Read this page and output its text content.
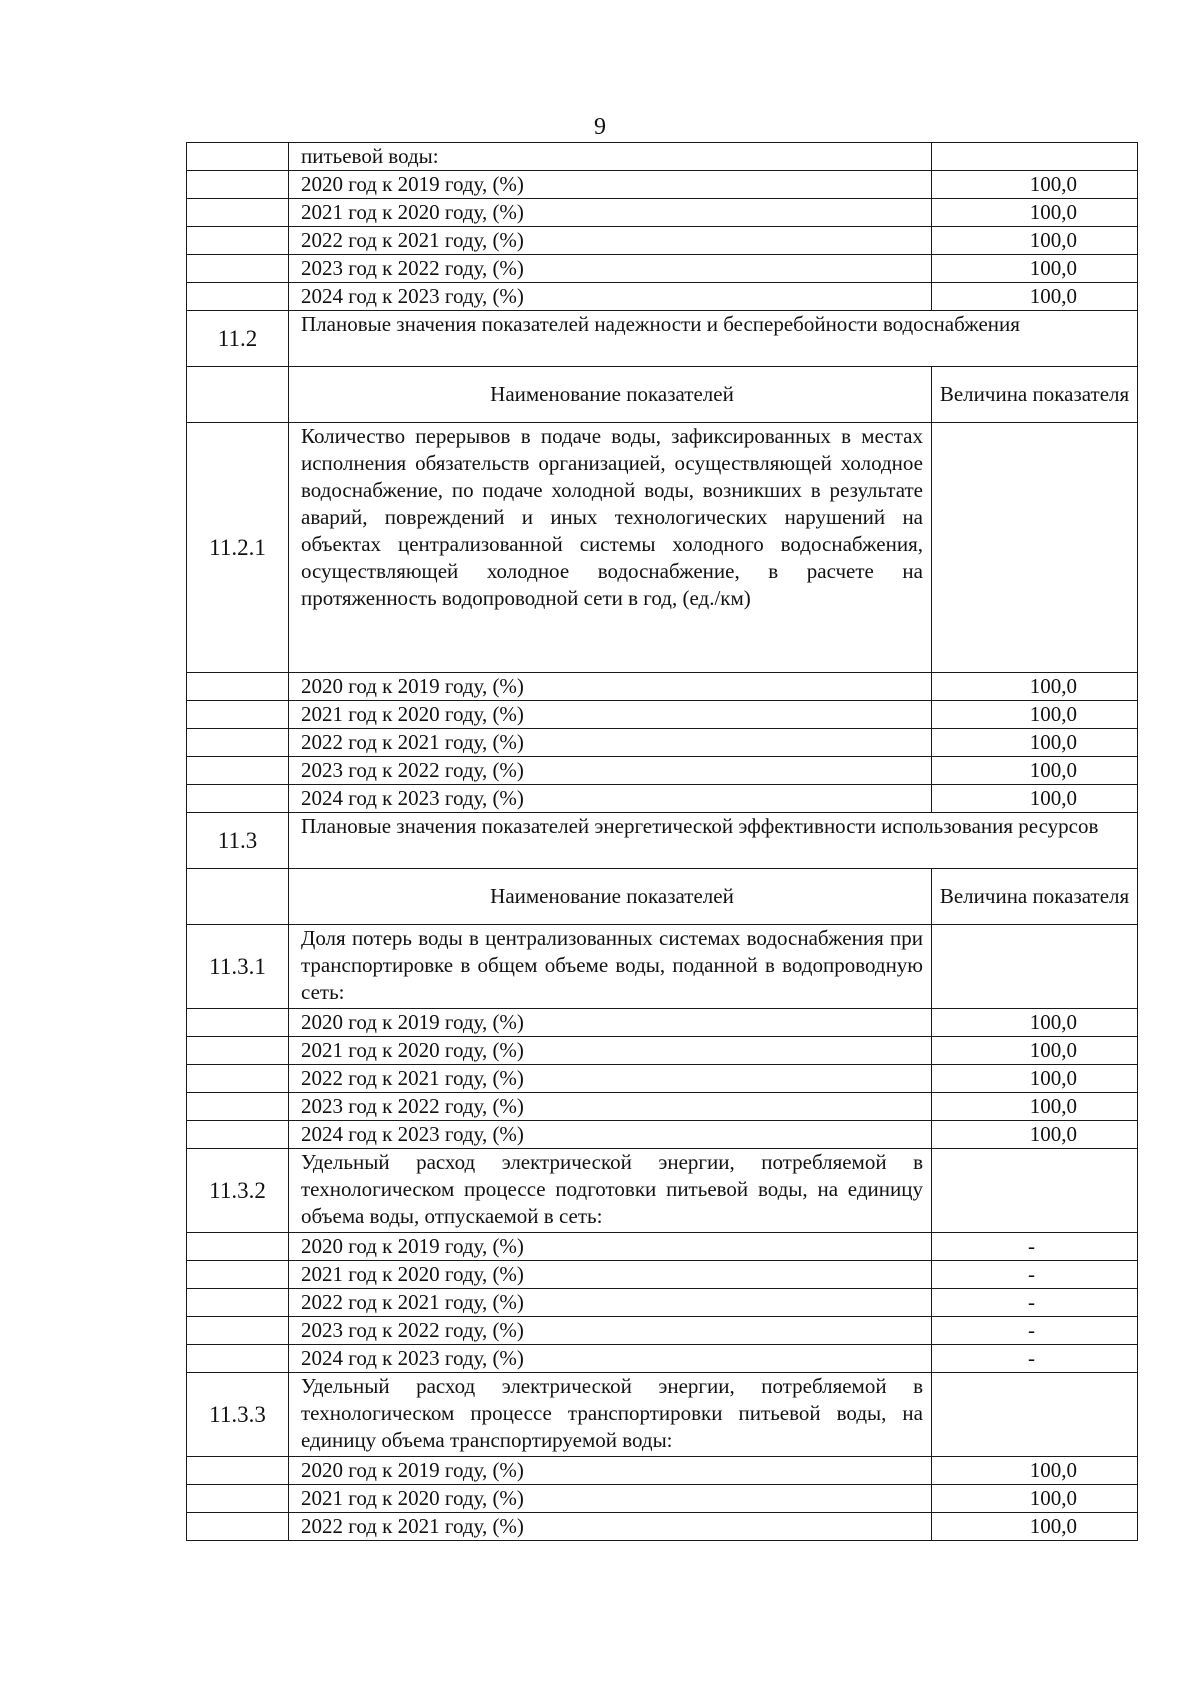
9
	питьевой воды:	
	2020 год к 2019 году, (%)	100,0
	2021 год к 2020 году, (%)	100,0
	2022 год к 2021 году, (%)	100,0
	2023 год к 2022 году, (%)	100,0
	2024 год к 2023 году, (%)	100,0
11.2	Плановые значения показателей надежности и бесперебойности водоснабжения	
	Наименование показателей	Величина показателя
11.2.1	Количество перерывов в подаче воды, зафиксированных в местах исполнения обязательств организацией, осуществляющей холодное водоснабжение, по подаче холодной воды, возникших в результате аварий, повреждений и иных технологических нарушений на объектах централизованной системы холодного водоснабжения, осуществляющей холодное водоснабжение, в расчете на протяженность водопроводной сети в год, (ед./км)	
	2020 год к 2019 году, (%)	100,0
	2021 год к 2020 году, (%)	100,0
	2022 год к 2021 году, (%)	100,0
	2023 год к 2022 году, (%)	100,0
	2024 год к 2023 году, (%)	100,0
11.3	Плановые значения показателей энергетической эффективности использования ресурсов	
	Наименование показателей	Величина показателя
11.3.1	Доля потерь воды в централизованных системах водоснабжения при транспортировке в общем объеме воды, поданной в водопроводную сеть:	
	2020 год к 2019 году, (%)	100,0
	2021 год к 2020 году, (%)	100,0
	2022 год к 2021 году, (%)	100,0
	2023 год к 2022 году, (%)	100,0
	2024 год к 2023 году, (%)	100,0
11.3.2	Удельный расход электрической энергии, потребляемой в технологическом процессе подготовки питьевой воды, на единицу объема воды, отпускаемой в сеть:	
	2020 год к 2019 году, (%)	-
	2021 год к 2020 году, (%)	-
	2022 год к 2021 году, (%)	-
	2023 год к 2022 году, (%)	-
	2024 год к 2023 году, (%)	-
11.3.3	Удельный расход электрической энергии, потребляемой в технологическом процессе транспортировки питьевой воды, на единицу объема транспортируемой воды:	
	2020 год к 2019 году, (%)	100,0
	2021 год к 2020 году, (%)	100,0
	2022 год к 2021 году, (%)	100,0
